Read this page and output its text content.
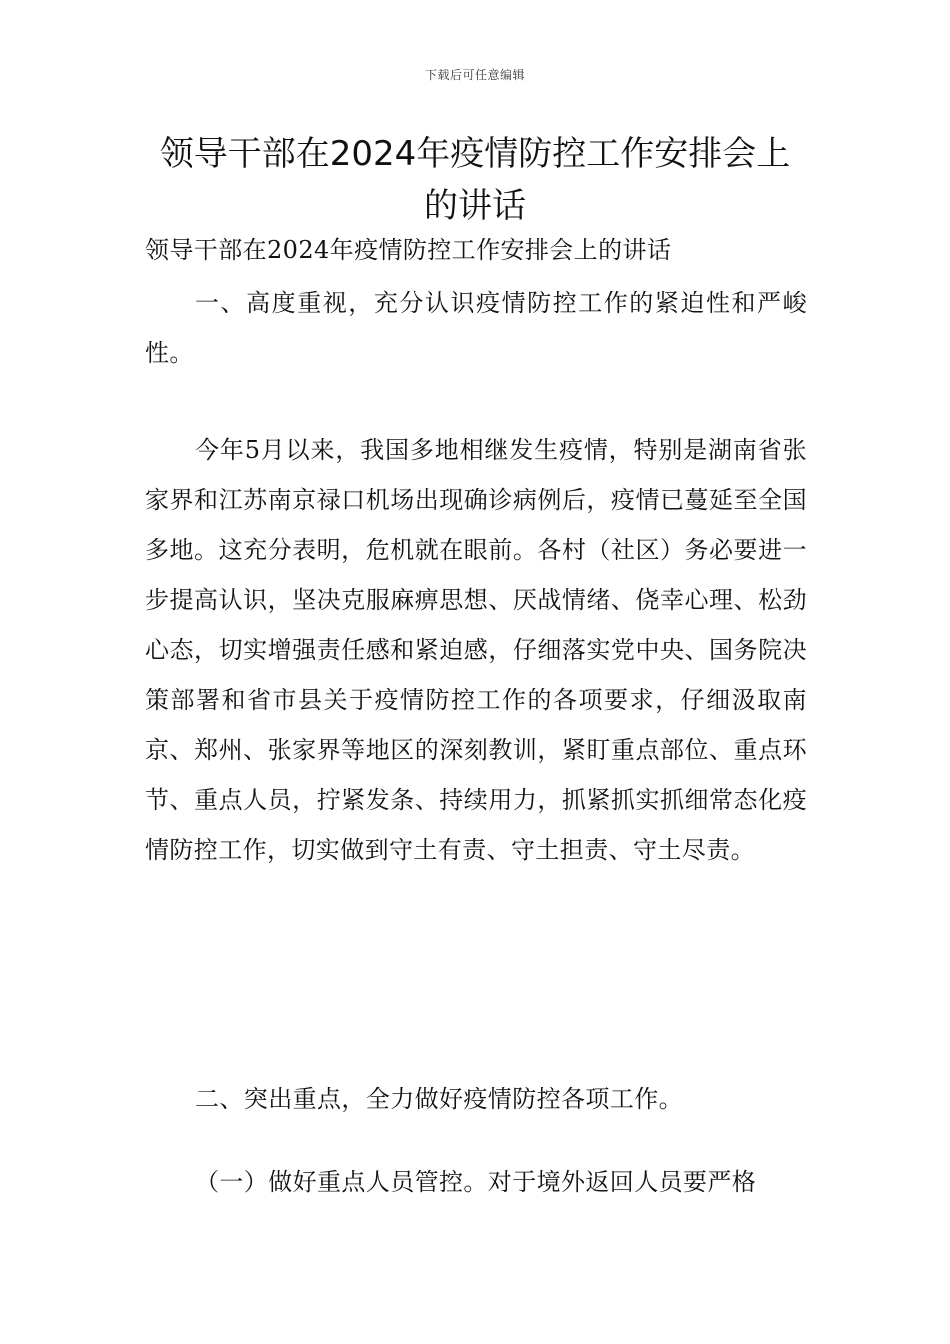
下载后可任意编辑
领导干部在2024年疫情防控工作安排会上的讲话

领导干部在2024年疫情防控工作安排会上的讲话

一、高度重视，充分认识疫情防控工作的紧迫性和严峻性。

今年5月以来，我国多地相继发生疫情，特别是湖南省张家界和江苏南京禄口机场出现确诊病例后，疫情已蔓延至全国多地。这充分表明，危机就在眼前。各村（社区）务必要进一步提高认识，坚决克服麻痹思想、厌战情绪、侥幸心理、松劲心态，切实增强责任感和紧迫感，仔细落实党中央、国务院决策部署和省市县关于疫情防控工作的各项要求，仔细汲取南京、郑州、张家界等地区的深刻教训，紧盯重点部位、重点环节、重点人员，拧紧发条、持续用力，抓紧抓实抓细常态化疫情防控工作，切实做到守土有责、守土担责、守土尽责。

二、突出重点，全力做好疫情防控各项工作。

（一）做好重点人员管控。对于境外返回人员要严格
